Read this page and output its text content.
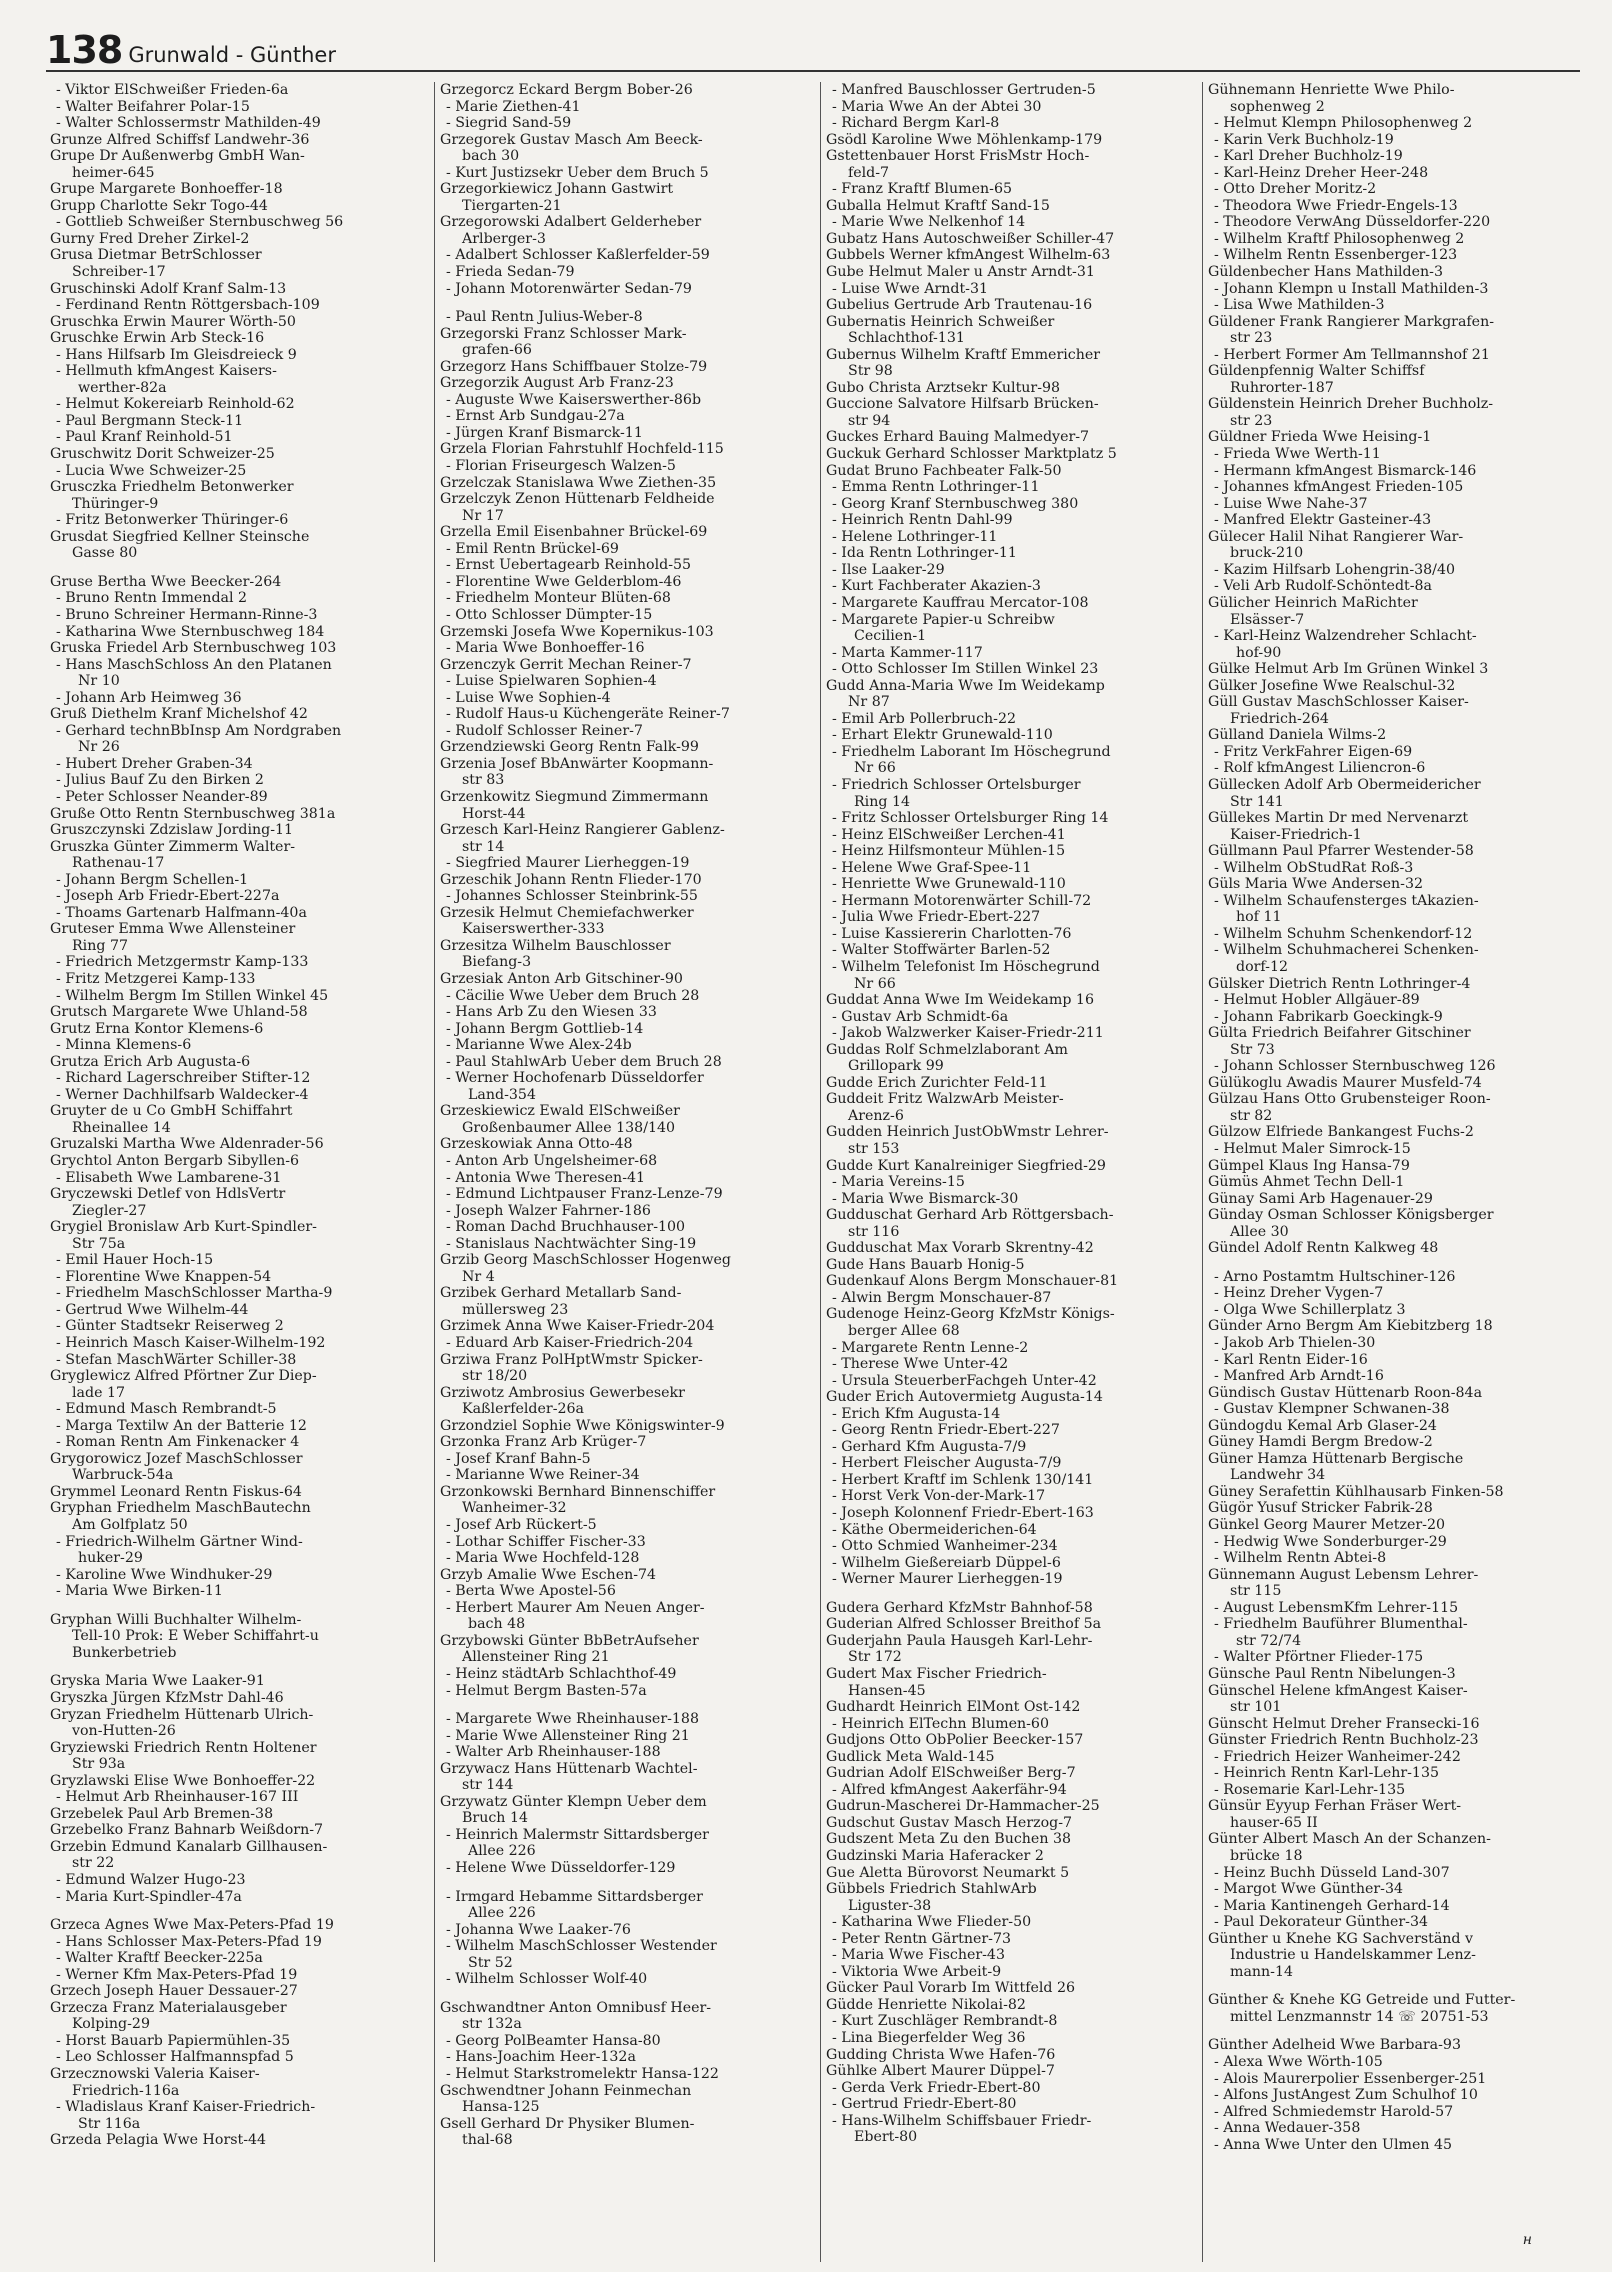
138 Grunwald - Günther
- Viktor ElSchweißer Frieden-6a
- Walter Beifahrer Polar-15
- Walter Schlossermstr Mathilden-49
Grunze Alfred Schiffsf Landwehr-36
Grupe Dr Außenwerbg GmbH Wan-
heimer-645
Grupe Margarete Bonhoeffer-18
Grupp Charlotte Sekr Togo-44
- Gottlieb Schweißer Sternbuschweg 56
Gurny Fred Dreher Zirkel-2
Grusa Dietmar BetrSchlosser
Schreiber-17
Gruschinski Adolf Kranf Salm-13
- Ferdinand Rentn Röttgersbach-109
Gruschka Erwin Maurer Wörth-50
Gruschke Erwin Arb Steck-16
- Hans Hilfsarb Im Gleisdreieck 9
- Hellmuth kfmAngest Kaisers-
werther-82a
- Helmut Kokereiarb Reinhold-62
- Paul Bergmann Steck-11
- Paul Kranf Reinhold-51
Gruschwitz Dorit Schweizer-25
- Lucia Wwe Schweizer-25
Grusczka Friedhelm Betonwerker
Thüringer-9
- Fritz Betonwerker Thüringer-6
Grusdat Siegfried Kellner Steinsche
Gasse 80
Gruse Bertha Wwe Beecker-264
- Bruno Rentn Immendal 2
- Bruno Schreiner Hermann-Rinne-3
- Katharina Wwe Sternbuschweg 184
Gruska Friedel Arb Sternbuschweg 103
- Hans MaschSchloss An den Platanen
Nr 10
- Johann Arb Heimweg 36
Gruß Diethelm Kranf Michelshof 42
- Gerhard technBbInsp Am Nordgraben
Nr 26
- Hubert Dreher Graben-34
- Julius Bauf Zu den Birken 2
- Peter Schlosser Neander-89
Gruße Otto Rentn Sternbuschweg 381a
Gruszczynski Zdzislaw Jording-11
Gruszka Günter Zimmerm Walter-
Rathenau-17
- Johann Bergm Schellen-1
- Joseph Arb Friedr-Ebert-227a
- Thoams Gartenarb Halfmann-40a
Gruteser Emma Wwe Allensteiner
Ring 77
- Friedrich Metzgermstr Kamp-133
- Fritz Metzgerei Kamp-133
- Wilhelm Bergm Im Stillen Winkel 45
Grutsch Margarete Wwe Uhland-58
Grutz Erna Kontor Klemens-6
- Minna Klemens-6
Grutza Erich Arb Augusta-6
- Richard Lagerschreiber Stifter-12
- Werner Dachhilfsarb Waldecker-4
Gruyter de u Co GmbH Schiffahrt
Rheinallee 14
Gruzalski Martha Wwe Aldenrader-56
Grychtol Anton Bergarb Sibyllen-6
- Elisabeth Wwe Lambarene-31
Gryczewski Detlef von HdlsVertr
Ziegler-27
Grygiel Bronislaw Arb Kurt-Spindler-
Str 75a
- Emil Hauer Hoch-15
- Florentine Wwe Knappen-54
- Friedhelm MaschSchlosser Martha-9
- Gertrud Wwe Wilhelm-44
- Günter Stadtsekr Reiserweg 2
- Heinrich Masch Kaiser-Wilhelm-192
- Stefan MaschWärter Schiller-38
Gryglewicz Alfred Pförtner Zur Diep-
lade 17
- Edmund Masch Rembrandt-5
- Marga Textilw An der Batterie 12
- Roman Rentn Am Finkenacker 4
Grygorowicz Jozef MaschSchlosser
Warbruck-54a
Grymmel Leonard Rentn Fiskus-64
Gryphan Friedhelm MaschBautechn
Am Golfplatz 50
- Friedrich-Wilhelm Gärtner Wind-
huker-29
- Karoline Wwe Windhuker-29
- Maria Wwe Birken-11
Gryphan Willi Buchhalter Wilhelm-
Tell-10 Prok: E Weber Schiffahrt-u
Bunkerbetrieb
Gryska Maria Wwe Laaker-91
Gryszka Jürgen KfzMstr Dahl-46
Gryzan Friedhelm Hüttenarb Ulrich-
von-Hutten-26
Gryziewski Friedrich Rentn Holtener
Str 93a
Gryzlawski Elise Wwe Bonhoeffer-22
- Helmut Arb Rheinhauser-167 III
Grzebelek Paul Arb Bremen-38
Grzebelko Franz Bahnarb Weißdorn-7
Grzebin Edmund Kanalarb Gillhausen-
str 22
- Edmund Walzer Hugo-23
- Maria Kurt-Spindler-47a
Grzeca Agnes Wwe Max-Peters-Pfad 19
- Hans Schlosser Max-Peters-Pfad 19
- Walter Kraftf Beecker-225a
- Werner Kfm Max-Peters-Pfad 19
Grzech Joseph Hauer Dessauer-27
Grzecza Franz Materialausgeber
Kolping-29
- Horst Bauarb Papiermühlen-35
- Leo Schlosser Halfmannspfad 5
Grzecznowski Valeria Kaiser-
Friedrich-116a
- Wladislaus Kranf Kaiser-Friedrich-
Str 116a
Grzeda Pelagia Wwe Horst-44
Grzegorcz Eckard Bergm Bober-26
- Marie Ziethen-41
- Siegrid Sand-59
Grzegorek Gustav Masch Am Beeck-
bach 30
- Kurt Justizsekr Ueber dem Bruch 5
Grzegorkiewicz Johann Gastwirt
Tiergarten-21
Grzegorowski Adalbert Gelderheber
Arlberger-3
- Adalbert Schlosser Kaßlerfelder-59
- Frieda Sedan-79
- Johann Motorenwärter Sedan-79
- Paul Rentn Julius-Weber-8
Grzegorski Franz Schlosser Mark-
grafen-66
Grzegorz Hans Schiffbauer Stolze-79
Grzegorzik August Arb Franz-23
- Auguste Wwe Kaiserswerther-86b
- Ernst Arb Sundgau-27a
- Jürgen Kranf Bismarck-11
Grzela Florian Fahrstuhlf Hochfeld-115
- Florian Friseurgesch Walzen-5
Grzelczak Stanislawa Wwe Ziethen-35
Grzelczyk Zenon Hüttenarb Feldheide
Nr 17
Grzella Emil Eisenbahner Brückel-69
- Emil Rentn Brückel-69
- Ernst Uebertagearb Reinhold-55
- Florentine Wwe Gelderblom-46
- Friedhelm Monteur Blüten-68
- Otto Schlosser Dümpter-15
Grzemski Josefa Wwe Kopernikus-103
- Maria Wwe Bonhoeffer-16
Grzenczyk Gerrit Mechan Reiner-7
- Luise Spielwaren Sophien-4
- Luise Wwe Sophien-4
- Rudolf Haus-u Küchengeräte Reiner-7
- Rudolf Schlosser Reiner-7
Grzendziewski Georg Rentn Falk-99
Grzenia Josef BbAnwärter Koopmann-
str 83
Grzenkowitz Siegmund Zimmermann
Horst-44
Grzesch Karl-Heinz Rangierer Gablenz-
str 14
- Siegfried Maurer Lierheggen-19
Grzeschik Johann Rentn Flieder-170
- Johannes Schlosser Steinbrink-55
Grzesik Helmut Chemiefachwerker
Kaiserswerther-333
Grzesitza Wilhelm Bauschlosser
Biefang-3
Grzesiak Anton Arb Gitschiner-90
- Cäcilie Wwe Ueber dem Bruch 28
- Hans Arb Zu den Wiesen 33
- Johann Bergm Gottlieb-14
- Marianne Wwe Alex-24b
- Paul StahlwArb Ueber dem Bruch 28
- Werner Hochofenarb Düsseldorfer
Land-354
Grzeskiewicz Ewald ElSchweißer
Großenbaumer Allee 138/140
Grzeskowiak Anna Otto-48
- Anton Arb Ungelsheimer-68
- Antonia Wwe Theresen-41
- Edmund Lichtpauser Franz-Lenze-79
- Joseph Walzer Fahrner-186
- Roman Dachd Bruchhauser-100
- Stanislaus Nachtwächter Sing-19
Grzib Georg MaschSchlosser Hogenweg
Nr 4
Grzibek Gerhard Metallarb Sand-
müllersweg 23
Grzimek Anna Wwe Kaiser-Friedr-204
- Eduard Arb Kaiser-Friedrich-204
Grziwa Franz PolHptWmstr Spicker-
str 18/20
Grziwotz Ambrosius Gewerbesekr
Kaßlerfelder-26a
Grzondziel Sophie Wwe Königswinter-9
Grzonka Franz Arb Krüger-7
- Josef Kranf Bahn-5
- Marianne Wwe Reiner-34
Grzonkowski Bernhard Binnenschiffer
Wanheimer-32
- Josef Arb Rückert-5
- Lothar Schiffer Fischer-33
- Maria Wwe Hochfeld-128
Grzyb Amalie Wwe Eschen-74
- Berta Wwe Apostel-56
- Herbert Maurer Am Neuen Anger-
bach 48
Grzybowski Günter BbBetrAufseher
Allensteiner Ring 21
- Heinz städtArb Schlachthof-49
- Helmut Bergm Basten-57a
- Margarete Wwe Rheinhauser-188
- Marie Wwe Allensteiner Ring 21
- Walter Arb Rheinhauser-188
Grzywacz Hans Hüttenarb Wachtel-
str 144
Grzywatz Günter Klempn Ueber dem
Bruch 14
- Heinrich Malermstr Sittardsberger
Allee 226
- Helene Wwe Düsseldorfer-129
- Irmgard Hebamme Sittardsberger
Allee 226
- Johanna Wwe Laaker-76
- Wilhelm MaschSchlosser Westender
Str 52
- Wilhelm Schlosser Wolf-40
Gschwandtner Anton Omnibusf Heer-
str 132a
- Georg PolBeamter Hansa-80
- Hans-Joachim Heer-132a
- Helmut Starkstromelektr Hansa-122
Gschwendtner Johann Feinmechan
Hansa-125
Gsell Gerhard Dr Physiker Blumen-
thal-68
- Manfred Bauschlosser Gertruden-5
- Maria Wwe An der Abtei 30
- Richard Bergm Karl-8
Gsödl Karoline Wwe Möhlenkamp-179
Gstettenbauer Horst FrisMstr Hoch-
feld-7
- Franz Kraftf Blumen-65
Guballa Helmut Kraftf Sand-15
- Marie Wwe Nelkenhof 14
Gubatz Hans Autoschweißer Schiller-47
Gubbels Werner kfmAngest Wilhelm-63
Gube Helmut Maler u Anstr Arndt-31
- Luise Wwe Arndt-31
Gubelius Gertrude Arb Trautenau-16
Gubernatis Heinrich Schweißer
Schlachthof-131
Gubernus Wilhelm Kraftf Emmericher
Str 98
Gubo Christa Arztsekr Kultur-98
Guccione Salvatore Hilfsarb Brücken-
str 94
Guckes Erhard Bauing Malmedyer-7
Guckuk Gerhard Schlosser Marktplatz 5
Gudat Bruno Fachbeater Falk-50
- Emma Rentn Lothringer-11
- Georg Kranf Sternbuschweg 380
- Heinrich Rentn Dahl-99
- Helene Lothringer-11
- Ida Rentn Lothringer-11
- Ilse Laaker-29
- Kurt Fachberater Akazien-3
- Margarete Kauffrau Mercator-108
- Margarete Papier-u Schreibw
Cecilien-1
- Marta Kammer-117
- Otto Schlosser Im Stillen Winkel 23
Gudd Anna-Maria Wwe Im Weidekamp
Nr 87
- Emil Arb Pollerbruch-22
- Erhart Elektr Grunewald-110
- Friedhelm Laborant Im Höschegrund
Nr 66
- Friedrich Schlosser Ortelsburger
Ring 14
- Fritz Schlosser Ortelsburger Ring 14
- Heinz ElSchweißer Lerchen-41
- Heinz Hilfsmonteur Mühlen-15
- Helene Wwe Graf-Spee-11
- Henriette Wwe Grunewald-110
- Hermann Motorenwärter Schill-72
- Julia Wwe Friedr-Ebert-227
- Luise Kassiererin Charlotten-76
- Walter Stoffwärter Barlen-52
- Wilhelm Telefonist Im Höschegrund
Nr 66
Guddat Anna Wwe Im Weidekamp 16
- Gustav Arb Schmidt-6a
- Jakob Walzwerker Kaiser-Friedr-211
Guddas Rolf Schmelzlaborant Am
Grillopark 99
Gudde Erich Zurichter Feld-11
Guddeit Fritz WalzwArb Meister-
Arenz-6
Gudden Heinrich JustObWmstr Lehrer-
str 153
Gudde Kurt Kanalreiniger Siegfried-29
- Maria Vereins-15
- Maria Wwe Bismarck-30
Gudduschat Gerhard Arb Röttgersbach-
str 116
Gudduschat Max Vorarb Skrentny-42
Gude Hans Bauarb Honig-5
Gudenkauf Alons Bergm Monschauer-81
- Alwin Bergm Monschauer-87
Gudenoge Heinz-Georg KfzMstr Königs-
berger Allee 68
- Margarete Rentn Lenne-2
- Therese Wwe Unter-42
- Ursula SteuerberFachgeh Unter-42
Guder Erich Autovermietg Augusta-14
- Erich Kfm Augusta-14
- Georg Rentn Friedr-Ebert-227
- Gerhard Kfm Augusta-7/9
- Herbert Fleischer Augusta-7/9
- Herbert Kraftf im Schlenk 130/141
- Horst Verk Von-der-Mark-17
- Joseph Kolonnenf Friedr-Ebert-163
- Käthe Obermeiderichen-64
- Otto Schmied Wanheimer-234
- Wilhelm Gießereiarb Düppel-6
- Werner Maurer Lierheggen-19
Gudera Gerhard KfzMstr Bahnhof-58
Guderian Alfred Schlosser Breithof 5a
Guderjahn Paula Hausgeh Karl-Lehr-
Str 172
Gudert Max Fischer Friedrich-
Hansen-45
Gudhardt Heinrich ElMont Ost-142
- Heinrich ElTechn Blumen-60
Gudjons Otto ObPolier Beecker-157
Gudlick Meta Wald-145
Gudrian Adolf ElSchweißer Berg-7
- Alfred kfmAngest Aakerfähr-94
Gudrun-Mascherei Dr-Hammacher-25
Gudschut Gustav Masch Herzog-7
Gudszent Meta Zu den Buchen 38
Gudzinski Maria Haferacker 2
Gue Aletta Bürovorst Neumarkt 5
Gübbels Friedrich StahlwArb
Liguster-38
- Katharina Wwe Flieder-50
- Peter Rentn Gärtner-73
- Maria Wwe Fischer-43
- Viktoria Wwe Arbeit-9
Gücker Paul Vorarb Im Wittfeld 26
Güdde Henriette Nikolai-82
- Kurt Zuschläger Rembrandt-8
- Lina Biegerfelder Weg 36
Gudding Christa Wwe Hafen-76
Gühlke Albert Maurer Düppel-7
- Gerda Verk Friedr-Ebert-80
- Gertrud Friedr-Ebert-80
- Hans-Wilhelm Schiffsbauer Friedr-
Ebert-80
Gühnemann Henriette Wwe Philo-
sophenweg 2
- Helmut Klempn Philosophenweg 2
- Karin Verk Buchholz-19
- Karl Dreher Buchholz-19
- Karl-Heinz Dreher Heer-248
- Otto Dreher Moritz-2
- Theodora Wwe Friedr-Engels-13
- Theodore VerwAng Düsseldorfer-220
- Wilhelm Kraftf Philosophenweg 2
- Wilhelm Rentn Essenberger-123
Güldenbecher Hans Mathilden-3
- Johann Klempn u Install Mathilden-3
- Lisa Wwe Mathilden-3
Güldener Frank Rangierer Markgrafen-
str 23
- Herbert Former Am Tellmannshof 21
Güldenpfennig Walter Schiffsf
Ruhrorter-187
Güldenstein Heinrich Dreher Buchholz-
str 23
Güldner Frieda Wwe Heising-1
- Frieda Wwe Werth-11
- Hermann kfmAngest Bismarck-146
- Johannes kfmAngest Frieden-105
- Luise Wwe Nahe-37
- Manfred Elektr Gasteiner-43
Gülecer Halil Nihat Rangierer War-
bruck-210
- Kazim Hilfsarb Lohengrin-38/40
- Veli Arb Rudolf-Schöntedt-8a
Gülicher Heinrich MaRichter
Elsässer-7
- Karl-Heinz Walzendreher Schlacht-
hof-90
Gülke Helmut Arb Im Grünen Winkel 3
Gülker Josefine Wwe Realschul-32
Güll Gustav MaschSchlosser Kaiser-
Friedrich-264
Gülland Daniela Wilms-2
- Fritz VerkFahrer Eigen-69
- Rolf kfmAngest Liliencron-6
Güllecken Adolf Arb Obermeidericher
Str 141
Güllekes Martin Dr med Nervenarzt
Kaiser-Friedrich-1
Güllmann Paul Pfarrer Westender-58
- Wilhelm ObStudRat Roß-3
Güls Maria Wwe Andersen-32
- Wilhelm Schaufensterges tAkazien-
hof 11
- Wilhelm Schuhm Schenkendorf-12
- Wilhelm Schuhmacherei Schenken-
dorf-12
Gülsker Dietrich Rentn Lothringer-4
- Helmut Hobler Allgäuer-89
- Johann Fabrikarb Goeckingk-9
Gülta Friedrich Beifahrer Gitschiner
Str 73
- Johann Schlosser Sternbuschweg 126
Gülükoglu Awadis Maurer Musfeld-74
Gülzau Hans Otto Grubensteiger Roon-
str 82
Gülzow Elfriede Bankangest Fuchs-2
- Helmut Maler Simrock-15
Gümpel Klaus Ing Hansa-79
Gümüs Ahmet Techn Dell-1
Günay Sami Arb Hagenauer-29
Günday Osman Schlosser Königsberger
Allee 30
Gündel Adolf Rentn Kalkweg 48
- Arno Postamtm Hultschiner-126
- Heinz Dreher Vygen-7
- Olga Wwe Schillerplatz 3
Günder Arno Bergm Am Kiebitzberg 18
- Jakob Arb Thielen-30
- Karl Rentn Eider-16
- Manfred Arb Arndt-16
Gündisch Gustav Hüttenarb Roon-84a
- Gustav Klempner Schwanen-38
Gündogdu Kemal Arb Glaser-24
Güney Hamdi Bergm Bredow-2
Güner Hamza Hüttenarb Bergische
Landwehr 34
Güney Serafettin Kühlhausarb Finken-58
Gügör Yusuf Stricker Fabrik-28
Günkel Georg Maurer Metzer-20
- Hedwig Wwe Sonderburger-29
- Wilhelm Rentn Abtei-8
Günnemann August Lebensm Lehrer-
str 115
- August LebensmKfm Lehrer-115
- Friedhelm Bauführer Blumenthal-
str 72/74
- Walter Pförtner Flieder-175
Günsche Paul Rentn Nibelungen-3
Günschel Helene kfmAngest Kaiser-
str 101
Günscht Helmut Dreher Fransecki-16
Günster Friedrich Rentn Buchholz-23
- Friedrich Heizer Wanheimer-242
- Heinrich Rentn Karl-Lehr-135
- Rosemarie Karl-Lehr-135
Günsür Eyyup Ferhan Fräser Wert-
hauser-65 II
Günter Albert Masch An der Schanzen-
brücke 18
- Heinz Buchh Düsseld Land-307
- Margot Wwe Günther-34
- Maria Kantinengeh Gerhard-14
- Paul Dekorateur Günther-34
Günther u Knehe KG Sachverständ v
Industrie u Handelskammer Lenz-
mann-14
Günther & Knehe KG Getreide und Futter-
mittel Lenzmannstr 14 ☏ 20751-53
Günther Adelheid Wwe Barbara-93
- Alexa Wwe Wörth-105
- Alois Maurerpolier Essenberger-251
- Alfons JustAngest Zum Schulhof 10
- Alfred Schmiedemstr Harold-57
- Anna Wedauer-358
- Anna Wwe Unter den Ulmen 45
н
